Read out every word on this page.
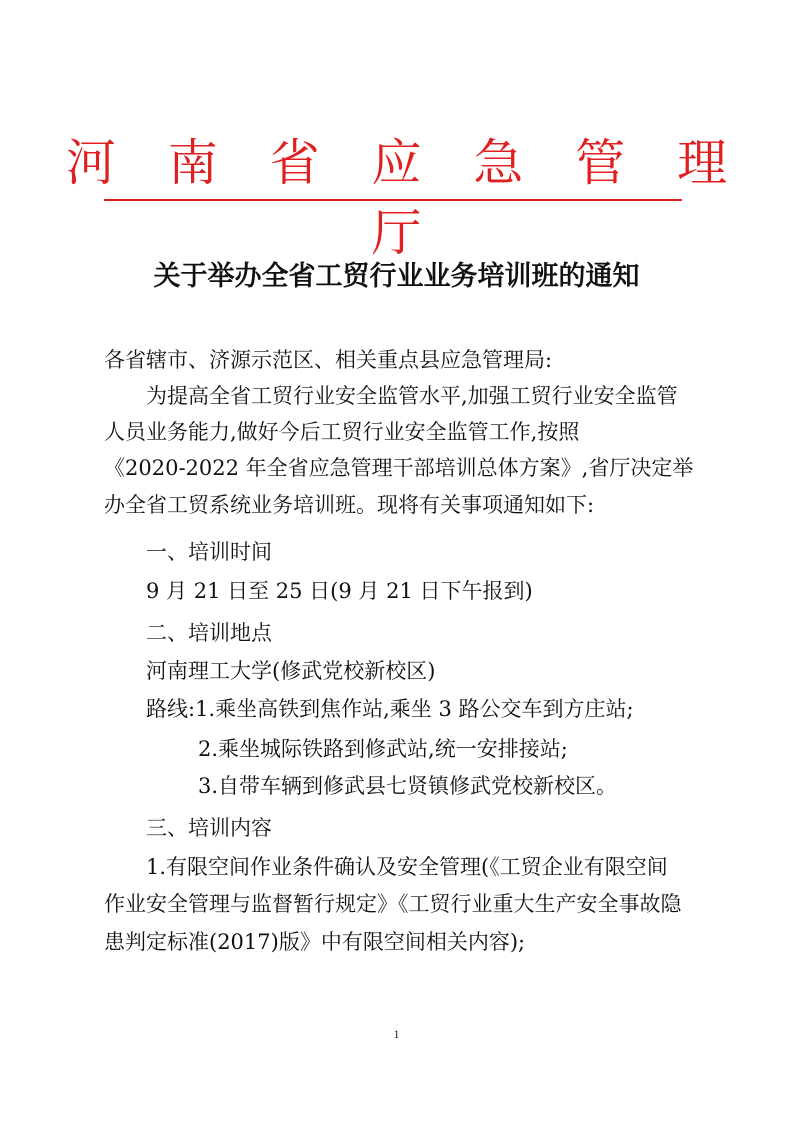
河 南 省 应 急 管 理 厅
关于举办全省工贸行业业务培训班的通知
各省辖市、济源示范区、相关重点县应急管理局:
为提高全省工贸行业安全监管水平,加强工贸行业安全监管
人员业务能力,做好今后工贸行业安全监管工作,按照
《2020-2022 年全省应急管理干部培训总体方案》,省厅决定举
办全省工贸系统业务培训班。现将有关事项通知如下:
一、培训时间
9 月 21 日至 25 日(9 月 21 日下午报到)
二、培训地点
河南理工大学(修武党校新校区)
路线:1.乘坐高铁到焦作站,乘坐 3 路公交车到方庄站;
2.乘坐城际铁路到修武站,统一安排接站;
3.自带车辆到修武县七贤镇修武党校新校区。
三、培训内容
1.有限空间作业条件确认及安全管理(《工贸企业有限空间
作业安全管理与监督暂行规定》《工贸行业重大生产安全事故隐
患判定标准(2017)版》中有限空间相关内容);
1
